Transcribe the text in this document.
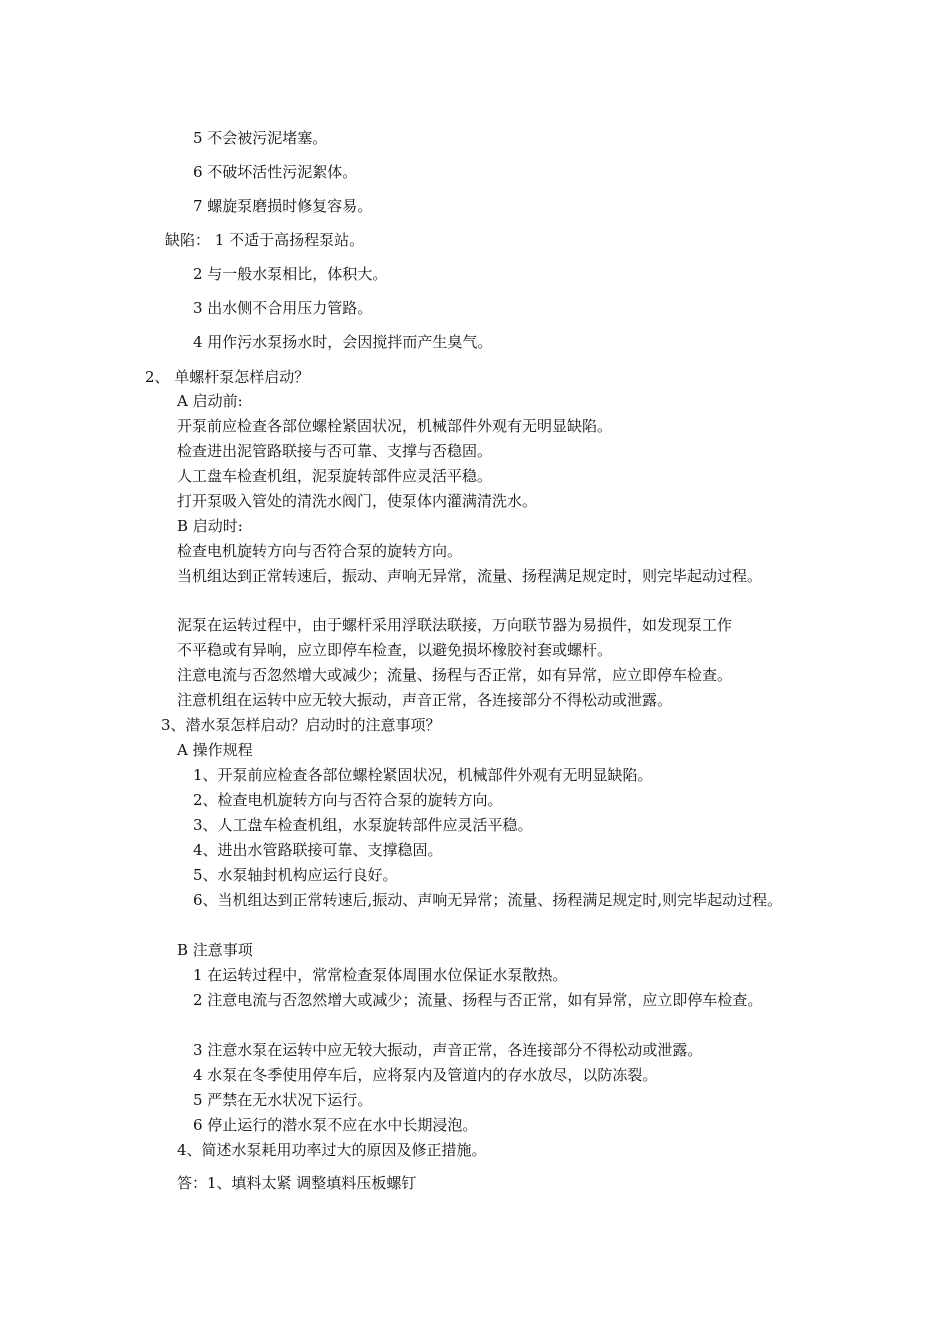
5 不会被污泥堵塞。
6 不破坏活性污泥絮体。
7 螺旋泵磨损时修复容易。
缺陷： 1 不适于高扬程泵站。
2 与一般水泵相比，体积大。
3 出水侧不合用压力管路。
4 用作污水泵扬水时，会因搅拌而产生臭气。
2、 单螺杆泵怎样启动？
A 启动前:
开泵前应检查各部位螺栓紧固状况，机械部件外观有无明显缺陷。
检查进出泥管路联接与否可靠、支撑与否稳固。
人工盘车检查机组，泥泵旋转部件应灵活平稳。
打开泵吸入管处的清洗水阀门，使泵体内灌满清洗水。
B 启动时:
检查电机旋转方向与否符合泵的旋转方向。
当机组达到正常转速后，振动、声响无异常，流量、扬程满足规定时，则完毕起动过程。
泥泵在运转过程中，由于螺杆采用浮联法联接，万向联节器为易损件，如发现泵工作
不平稳或有异响，应立即停车检查，以避免损坏橡胶衬套或螺杆。
注意电流与否忽然增大或减少；流量、扬程与否正常，如有异常，应立即停车检查。
注意机组在运转中应无较大振动，声音正常，各连接部分不得松动或泄露。
3、潜水泵怎样启动？启动时的注意事项？
A 操作规程
1、开泵前应检查各部位螺栓紧固状况，机械部件外观有无明显缺陷。
2、检查电机旋转方向与否符合泵的旋转方向。
3、人工盘车检查机组，水泵旋转部件应灵活平稳。
4、进出水管路联接可靠、支撑稳固。
5、水泵轴封机构应运行良好。
6、当机组达到正常转速后,振动、声响无异常；流量、扬程满足规定时,则完毕起动过程。
B 注意事项
1 在运转过程中，常常检查泵体周围水位保证水泵散热。
2 注意电流与否忽然增大或减少；流量、扬程与否正常，如有异常，应立即停车检查。
3 注意水泵在运转中应无较大振动，声音正常，各连接部分不得松动或泄露。
4 水泵在冬季使用停车后，应将泵内及管道内的存水放尽，以防冻裂。
5 严禁在无水状况下运行。
6 停止运行的潜水泵不应在水中长期浸泡。
4、简述水泵耗用功率过大的原因及修正措施。
答：1、填料太紧 调整填料压板螺钉
